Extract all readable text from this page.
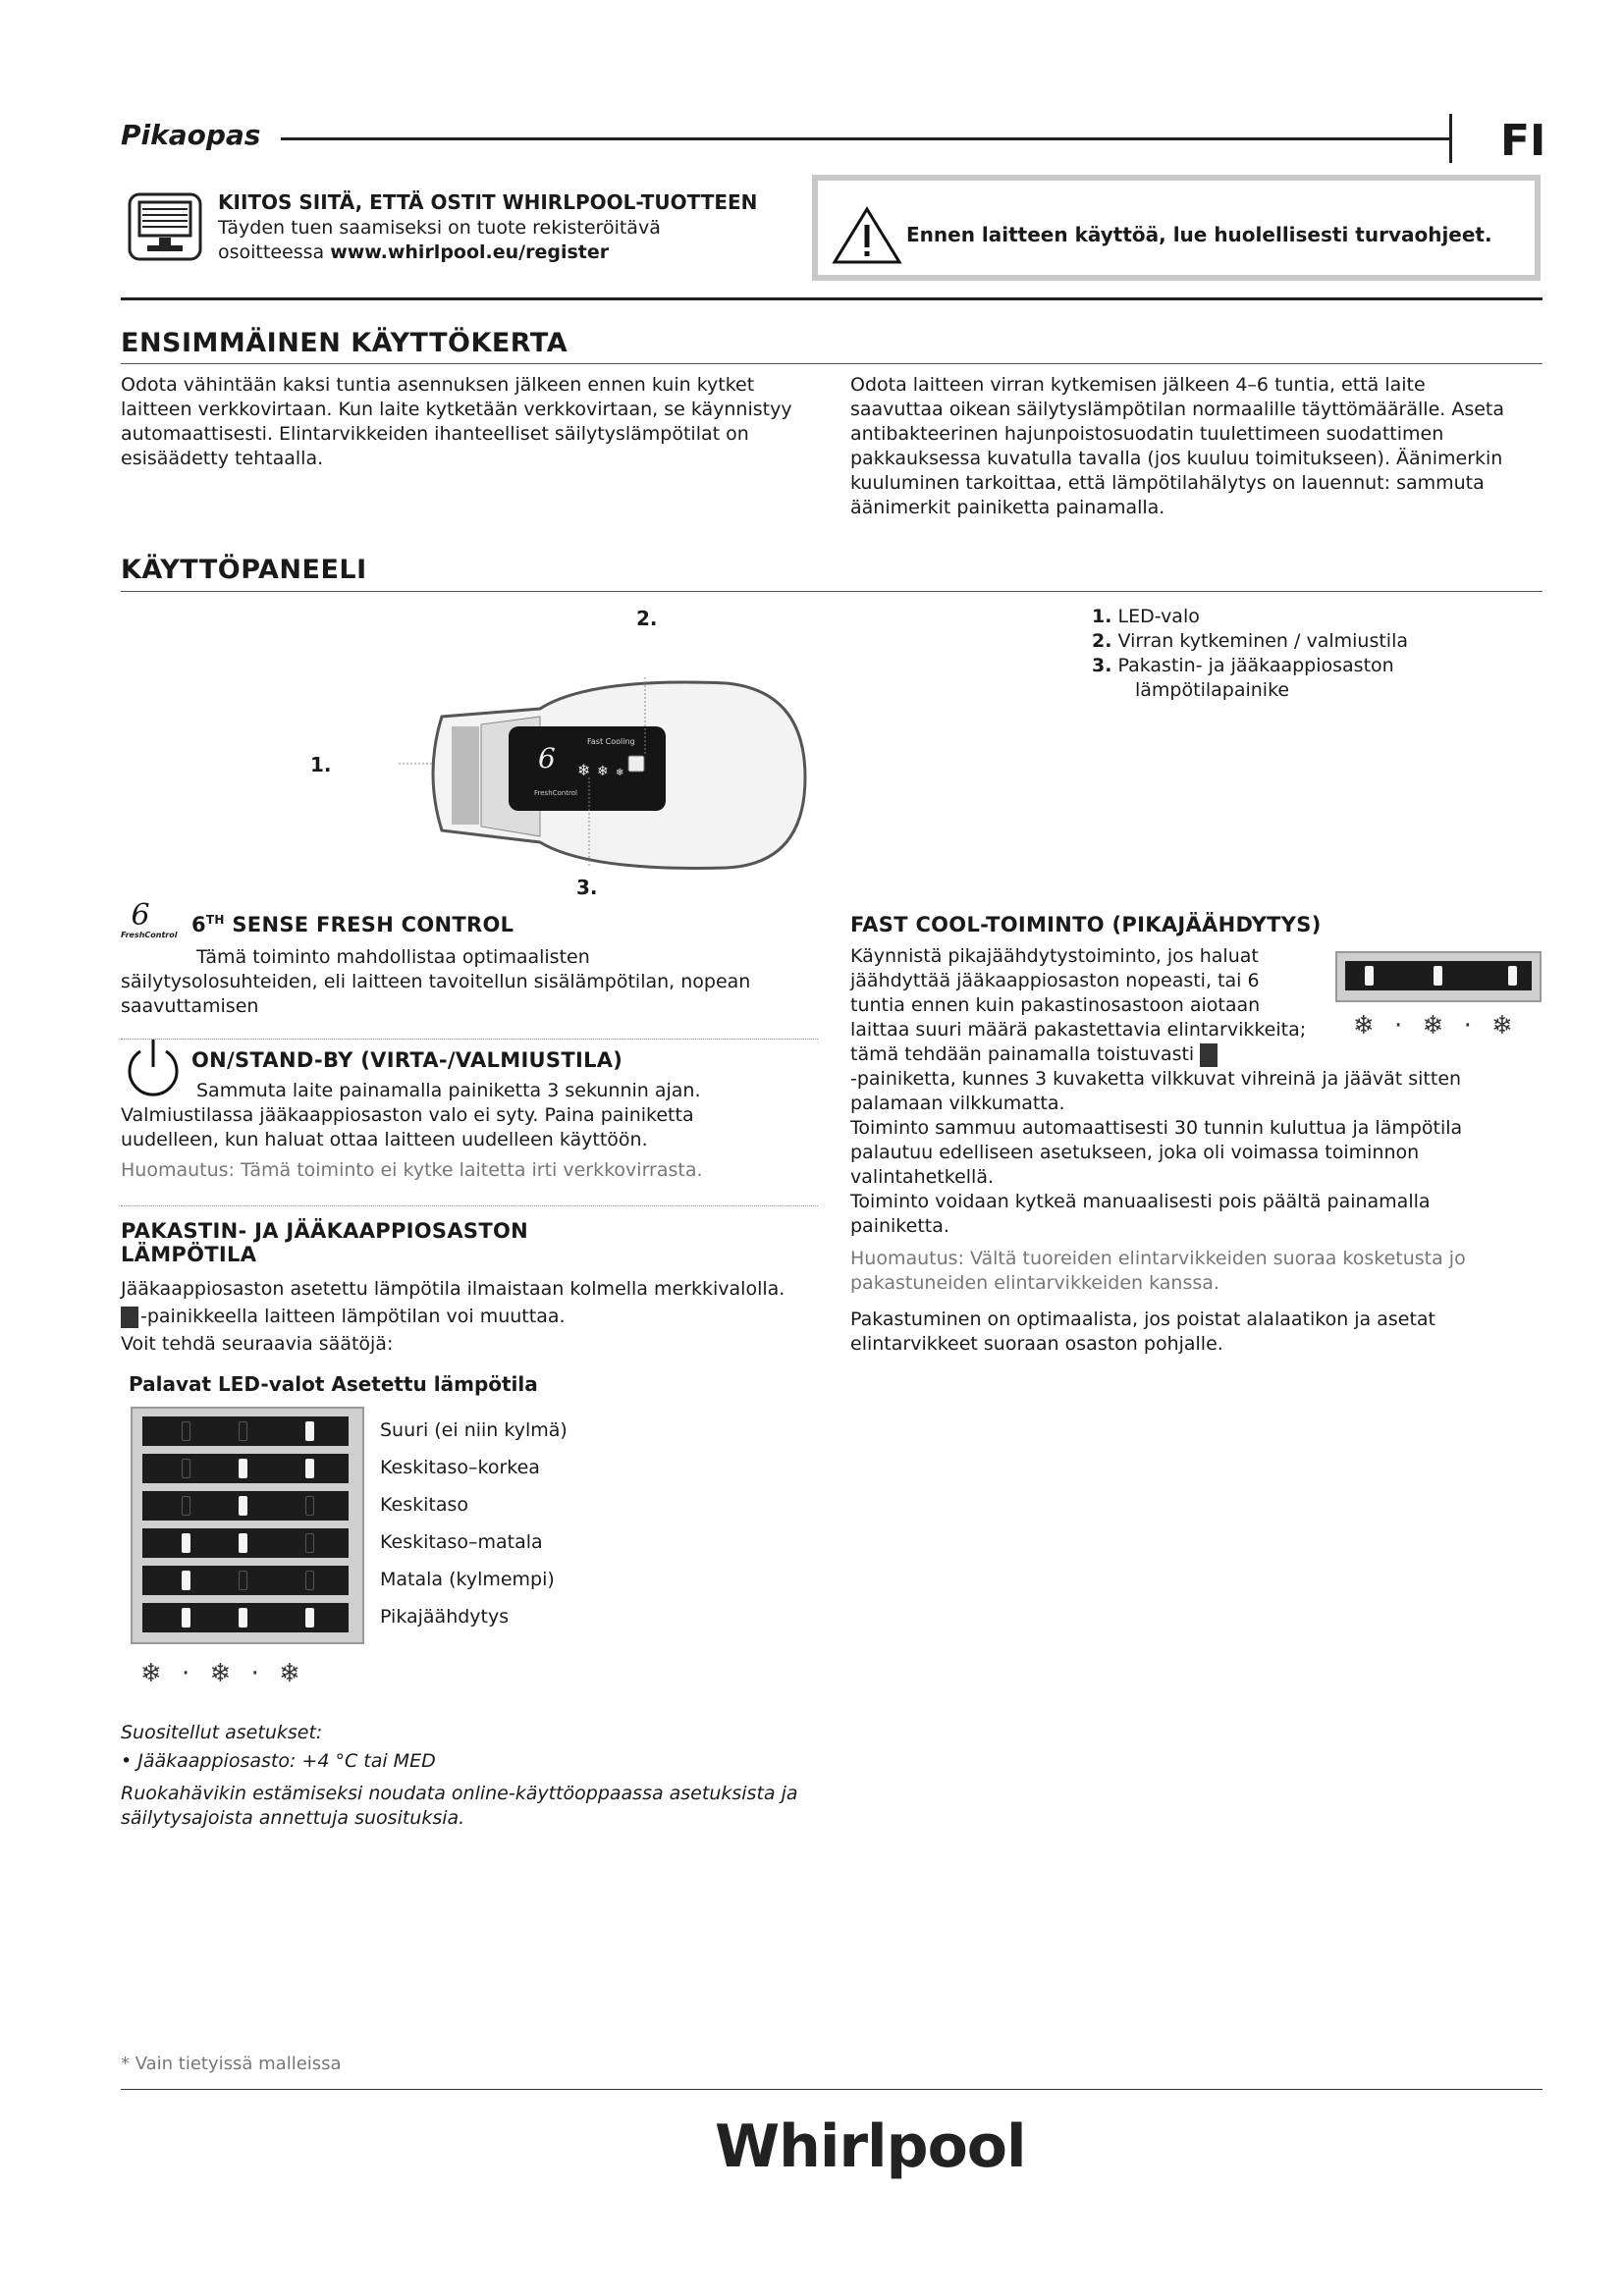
Pikaopas	FI
KIITOS SIITÄ, ETTÄ OSTIT WHIRLPOOL-TUOTTEEN
Täyden tuen saamiseksi on tuote rekisteröitävä
osoitteessa www.whirlpool.eu/register
Ennen laitteen käyttöä, lue huolellisesti turvaohjeet.
ENSIMMÄINEN KÄYTTÖKERTA

Odota vähintään kaksi tuntia asennuksen jälkeen ennen kuin kytket

laitteen verkkovirtaan. Kun laite kytketään verkkovirtaan, se käynnistyy

automaattisesti. Elintarvikkeiden ihanteelliset säilytyslämpötilat on

esisäädetty tehtaalla.

Odota laitteen virran kytkemisen jälkeen 4–6 tuntia, että laite

saavuttaa oikean säilytyslämpötilan normaalille täyttömäärälle. Aseta

antibakteerinen hajunpoistosuodatin tuulettimeen suodattimen

pakkauksessa kuvatulla tavalla (jos kuuluu toimitukseen). Äänimerkin

kuuluminen tarkoittaa, että lämpötilahälytys on lauennut: sammuta

äänimerkit painiketta painamalla.

KÄYTTÖPANEELI
6
FreshControl
Fast Cooling
❄ ❄ ❄
1.
2.
3.
1. LED-valo
2. Virran kytkeminen / valmiustila
3. Pakastin- ja jääkaappiosaston
lämpötilapainike
6
FreshControl 6TH SENSE FRESH CONTROL

Tämä toiminto mahdollistaa optimaalisten

säilytysolosuhteiden, eli laitteen tavoitellun sisälämpötilan, nopean

saavuttamisen

ON/STAND-BY (VIRTA-/VALMIUSTILA)

Sammuta laite painamalla painiketta 3 sekunnin ajan.

Valmiustilassa jääkaappiosaston valo ei syty. Paina painiketta

uudelleen, kun haluat ottaa laitteen uudelleen käyttöön.

Huomautus: Tämä toiminto ei kytke laitetta irti verkkovirrasta.

PAKASTIN- JA JÄÄKAAPPIOSASTON
LÄMPÖTILA

Jääkaappiosaston asetettu lämpötila ilmaistaan kolmella merkkivalolla.

-painikkeella laitteen lämpötilan voi muuttaa.

Voit tehdä seuraavia säätöjä:

Palavat LED-valot Asetettu lämpötila
❄ · ❄ · ❄
Suuri (ei niin kylmä)
Keskitaso–korkea
Keskitaso
Keskitaso–matala
Matala (kylmempi)
Pikajäähdytys

Suositellut asetukset:

• Jääkaappiosasto: +4 °C tai MED

Ruokahävikin estämiseksi noudata online-käyttöoppaassa asetuksista ja

säilytysajoista annettuja suosituksia.

FAST COOL-TOIMINTO (PIKAJÄÄHDYTYS)

Käynnistä pikajäähdytystoiminto, jos haluat

jäähdyttää jääkaappiosaston nopeasti, tai 6

tuntia ennen kuin pakastinosastoon aiotaan

laittaa suuri määrä pakastettavia elintarvikkeita;

tämä tehdään painamalla toistuvasti

-painiketta, kunnes 3 kuvaketta vilkkuvat vihreinä ja jäävät sitten

palamaan vilkkumatta.

Toiminto sammuu automaattisesti 30 tunnin kuluttua ja lämpötila

palautuu edelliseen asetukseen, joka oli voimassa toiminnon

valintahetkellä.

Toiminto voidaan kytkeä manuaalisesti pois päältä painamalla

painiketta.

Huomautus: Vältä tuoreiden elintarvikkeiden suoraa kosketusta jo

pakastuneiden elintarvikkeiden kanssa.

Pakastuminen on optimaalista, jos poistat alalaatikon ja asetat

elintarvikkeet suoraan osaston pohjalle.

❄ · ❄ · ❄
* Vain tietyissä malleissa
Whirlpool
